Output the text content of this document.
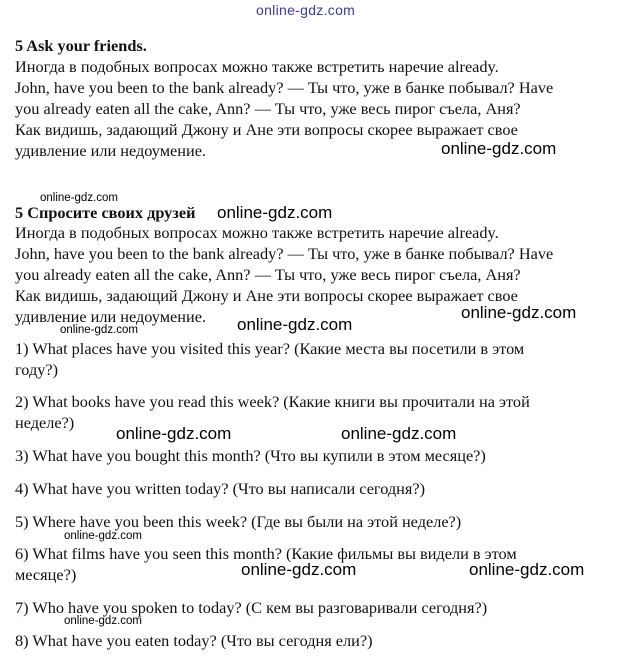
online-gdz.com
5 Ask your friends.
Иногда в подобных вопросах можно также встретить наречие already.
John, have you been to the bank already? — Ты что, уже в банке побывал? Have
you already eaten all the cake, Ann? — Ты что, уже весь пирог съела, Аня?
Как видишь, задающий Джону и Ане эти вопросы скорее выражает свое
удивление или недоумение.
5 Спросите своих друзей
Иногда в подобных вопросах можно также встретить наречие already.
John, have you been to the bank already? — Ты что, уже в банке побывал? Have
you already eaten all the cake, Ann? — Ты что, уже весь пирог съела, Аня?
Как видишь, задающий Джону и Ане эти вопросы скорее выражает свое
удивление или недоумение.
1) What places have you visited this year? (Какие места вы посетили в этом
году?)
2) What books have you read this week? (Какие книги вы прочитали на этой
неделе?)
3) What have you bought this month? (Что вы купили в этом месяце?)
4) What have you written today? (Что вы написали сегодня?)
5) Where have you been this week? (Где вы были на этой неделе?)
6) What films have you seen this month? (Какие фильмы вы видели в этом
месяце?)
7) Who have you spoken to today? (С кем вы разговаривали сегодня?)
8) What have you eaten today? (Что вы сегодня ели?)
online-gdz.com
online-gdz.com
online-gdz.com
online-gdz.com
online-gdz.com
online-gdz.com
online-gdz.com	online-gdz.com
online-gdz.com
online-gdz.com	online-gdz.com
online-gdz.com
